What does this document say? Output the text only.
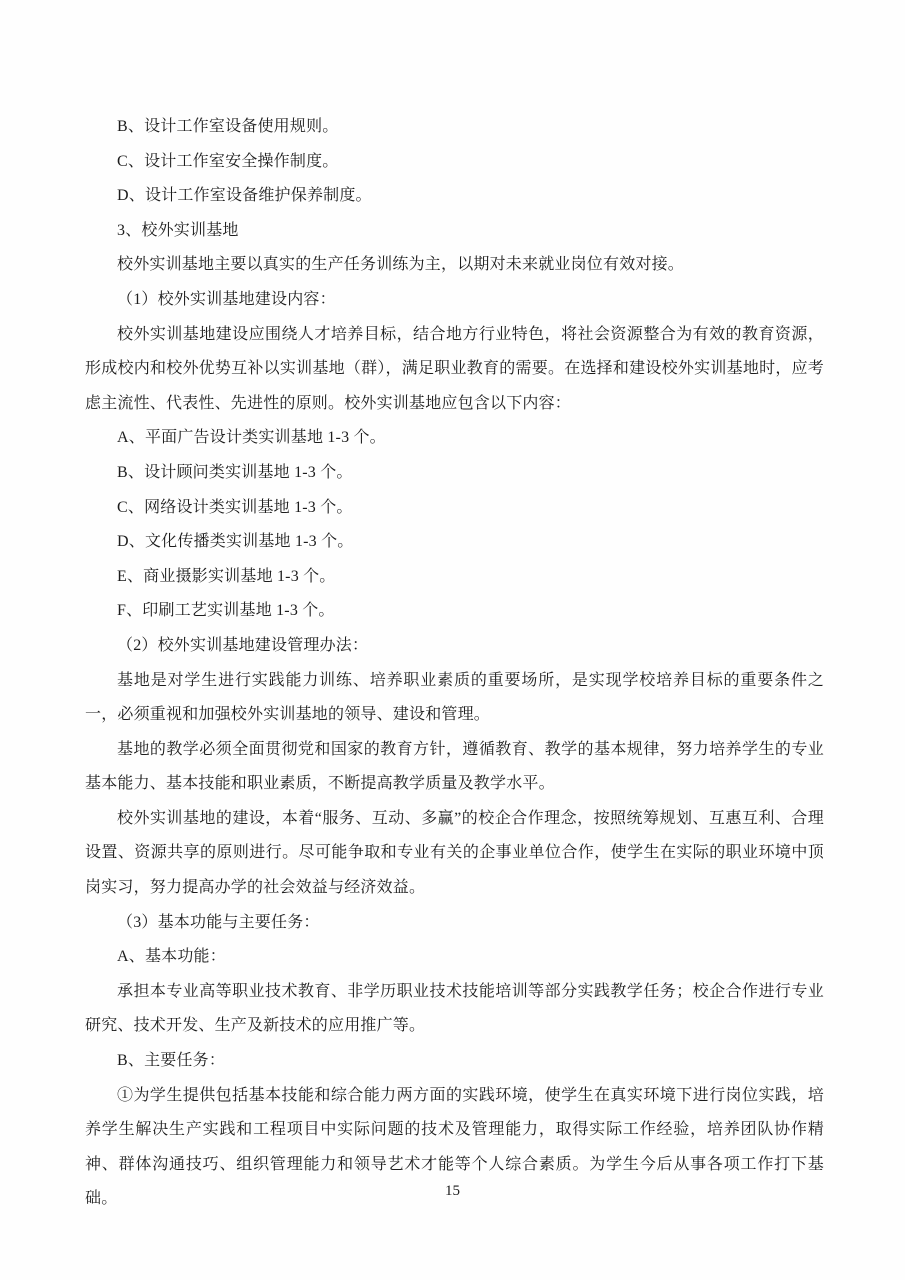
B、设计工作室设备使用规则。

C、设计工作室安全操作制度。

D、设计工作室设备维护保养制度。

3、校外实训基地

校外实训基地主要以真实的生产任务训练为主，以期对未来就业岗位有效对接。

（1）校外实训基地建设内容：

校外实训基地建设应围绕人才培养目标，结合地方行业特色，将社会资源整合为有效的教育资源，形成校内和校外优势互补以实训基地（群），满足职业教育的需要。在选择和建设校外实训基地时，应考虑主流性、代表性、先进性的原则。校外实训基地应包含以下内容：

A、平面广告设计类实训基地 1-3 个。

B、设计顾问类实训基地 1-3 个。

C、网络设计类实训基地 1-3 个。

D、文化传播类实训基地 1-3 个。

E、商业摄影实训基地 1-3 个。

F、印刷工艺实训基地 1-3 个。

（2）校外实训基地建设管理办法：

基地是对学生进行实践能力训练、培养职业素质的重要场所，是实现学校培养目标的重要条件之一，必须重视和加强校外实训基地的领导、建设和管理。

基地的教学必须全面贯彻党和国家的教育方针，遵循教育、教学的基本规律，努力培养学生的专业基本能力、基本技能和职业素质，不断提高教学质量及教学水平。

校外实训基地的建设，本着“服务、互动、多赢”的校企合作理念，按照统筹规划、互惠互利、合理设置、资源共享的原则进行。尽可能争取和专业有关的企事业单位合作，使学生在实际的职业环境中顶岗实习，努力提高办学的社会效益与经济效益。

（3）基本功能与主要任务：

A、基本功能：

承担本专业高等职业技术教育、非学历职业技术技能培训等部分实践教学任务；校企合作进行专业研究、技术开发、生产及新技术的应用推广等。

B、主要任务：

①为学生提供包括基本技能和综合能力两方面的实践环境，使学生在真实环境下进行岗位实践，培养学生解决生产实践和工程项目中实际问题的技术及管理能力，取得实际工作经验，培养团队协作精神、群体沟通技巧、组织管理能力和领导艺术才能等个人综合素质。为学生今后从事各项工作打下基础。	15
